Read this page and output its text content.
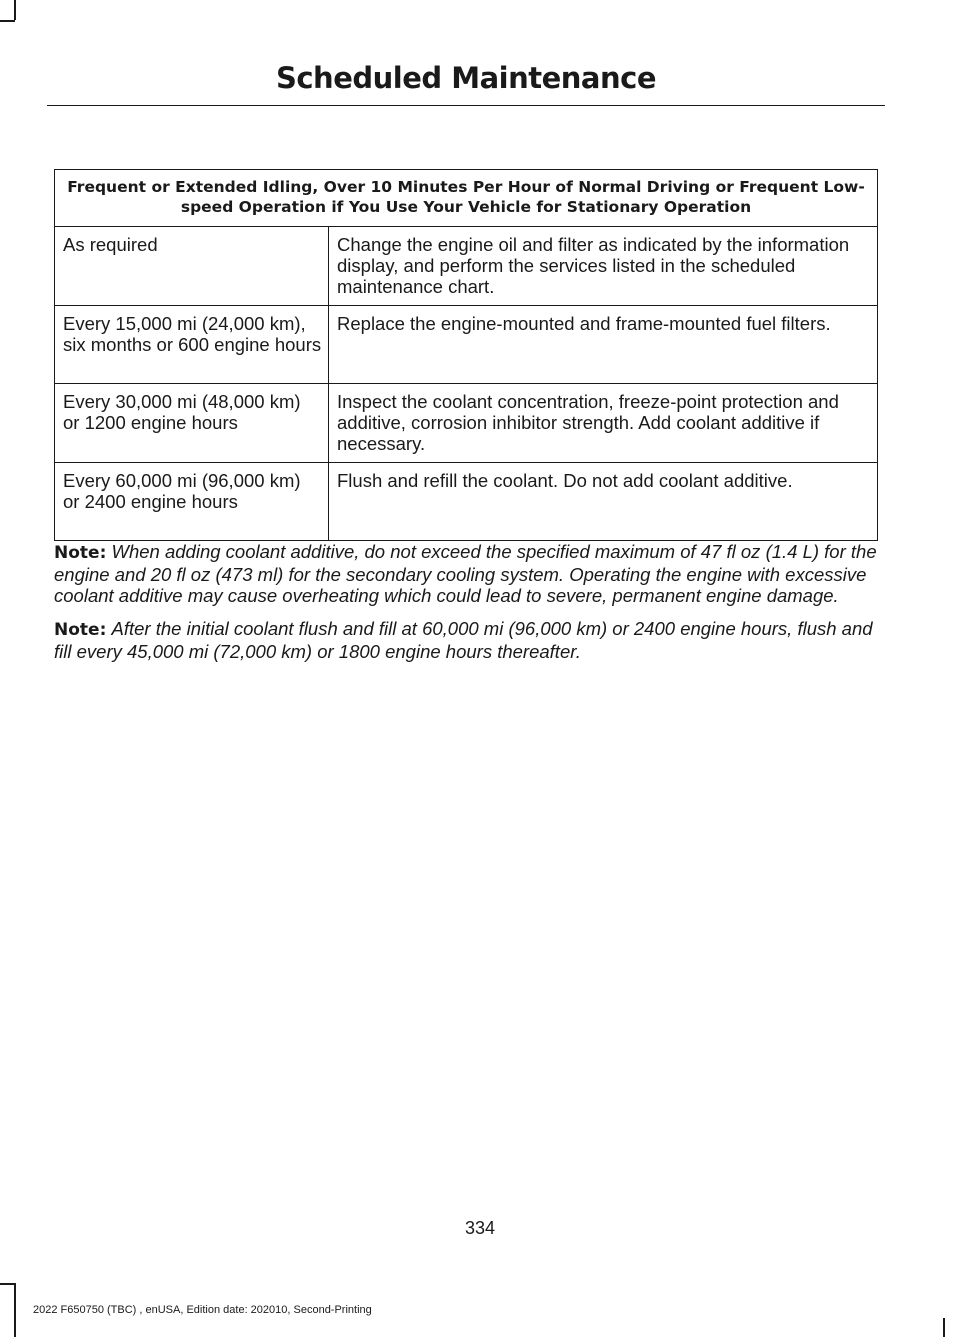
Scheduled Maintenance
Frequent or Extended Idling, Over 10 Minutes Per Hour of Normal Driving or Frequent Low-speed Operation if You Use Your Vehicle for Stationary Operation	
As required	Change the engine oil and filter as indicated by the information display, and perform the services listed in the scheduled maintenance chart.
Every 15,000 mi (24,000 km), six months or 600 engine hours	Replace the engine-mounted and frame-mounted fuel filters.
Every 30,000 mi (48,000 km) or 1200 engine hours	Inspect the coolant concentration, freeze-point protection and additive, corrosion inhibitor strength. Add coolant additive if necessary.
Every 60,000 mi (96,000 km) or 2400 engine hours	Flush and refill the coolant. Do not add coolant additive.

Note: When adding coolant additive, do not exceed the specified maximum of 47 fl oz (1.4 L) for the engine and 20 fl oz (473 ml) for the secondary cooling system. Operating the engine with excessive coolant additive may cause overheating which could lead to severe, permanent engine damage.

Note: After the initial coolant flush and fill at 60,000 mi (96,000 km) or 2400 engine hours, flush and fill every 45,000 mi (72,000 km) or 1800 engine hours thereafter.

334
2022 F650750 (TBC) , enUSA, Edition date: 202010, Second-Printing
